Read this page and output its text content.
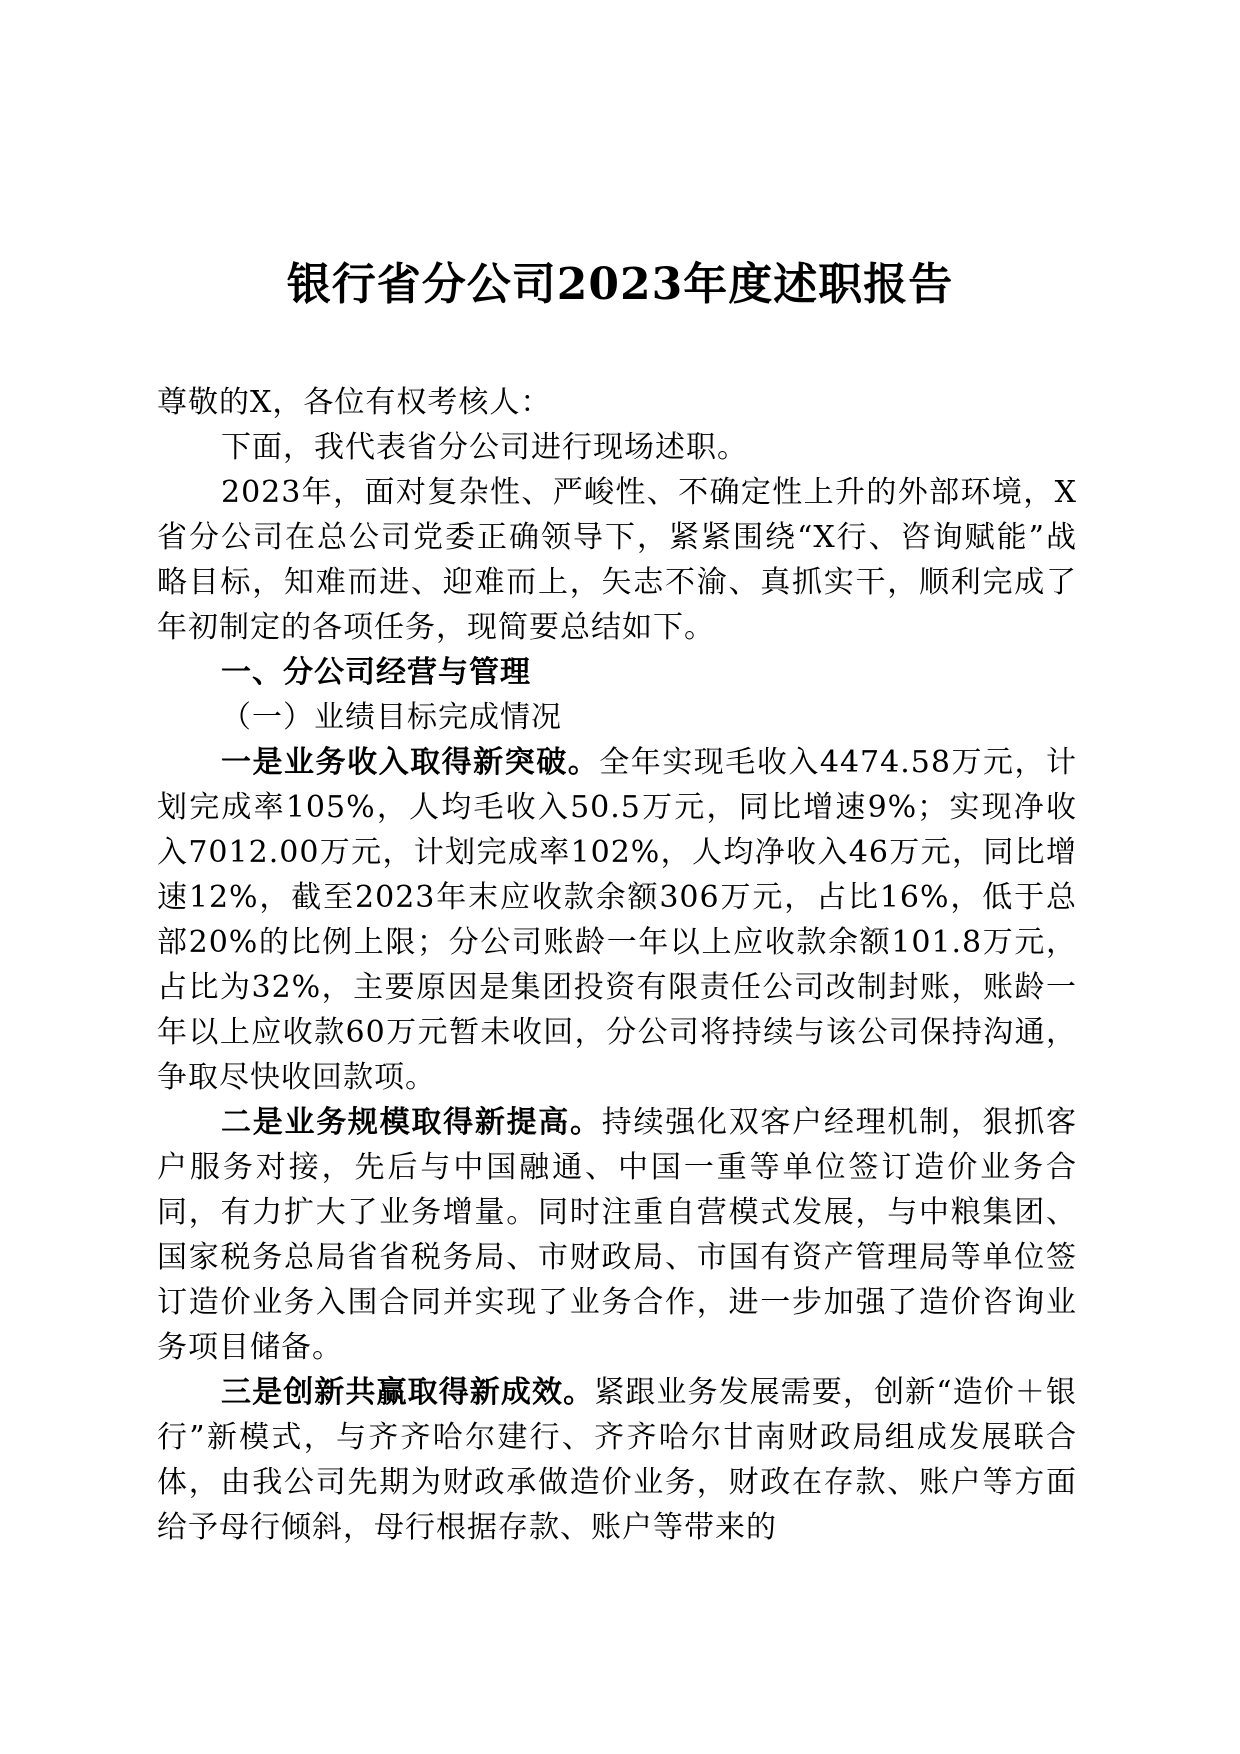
银行省分公司2023年度述职报告

尊敬的X，各位有权考核人：

下面，我代表省分公司进行现场述职。

2023年，面对复杂性、严峻性、不确定性上升的外部环境，X省分公司在总公司党委正确领导下，紧紧围绕“X行、咨询赋能”战略目标，知难而进、迎难而上，矢志不渝、真抓实干，顺利完成了年初制定的各项任务，现简要总结如下。

一、分公司经营与管理

（一）业绩目标完成情况

一是业务收入取得新突破。全年实现毛收入4474.58万元，计划完成率105%，人均毛收入50.5万元，同比增速9%；实现净收入7012.00万元，计划完成率102%，人均净收入46万元，同比增速12%，截至2023年末应收款余额306万元，占比16%，低于总部20%的比例上限；分公司账龄一年以上应收款余额101.8万元，占比为32%，主要原因是集团投资有限责任公司改制封账，账龄一年以上应收款60万元暂未收回，分公司将持续与该公司保持沟通，争取尽快收回款项。

二是业务规模取得新提高。持续强化双客户经理机制，狠抓客户服务对接，先后与中国融通、中国一重等单位签订造价业务合同，有力扩大了业务增量。同时注重自营模式发展，与中粮集团、国家税务总局省省税务局、市财政局、市国有资产管理局等单位签订造价业务入围合同并实现了业务合作，进一步加强了造价咨询业务项目储备。

三是创新共赢取得新成效。紧跟业务发展需要，创新“造价＋银行”新模式，与齐齐哈尔建行、齐齐哈尔甘南财政局组成发展联合体，由我公司先期为财政承做造价业务，财政在存款、账户等方面给予母行倾斜，母行根据存款、账户等带来的
